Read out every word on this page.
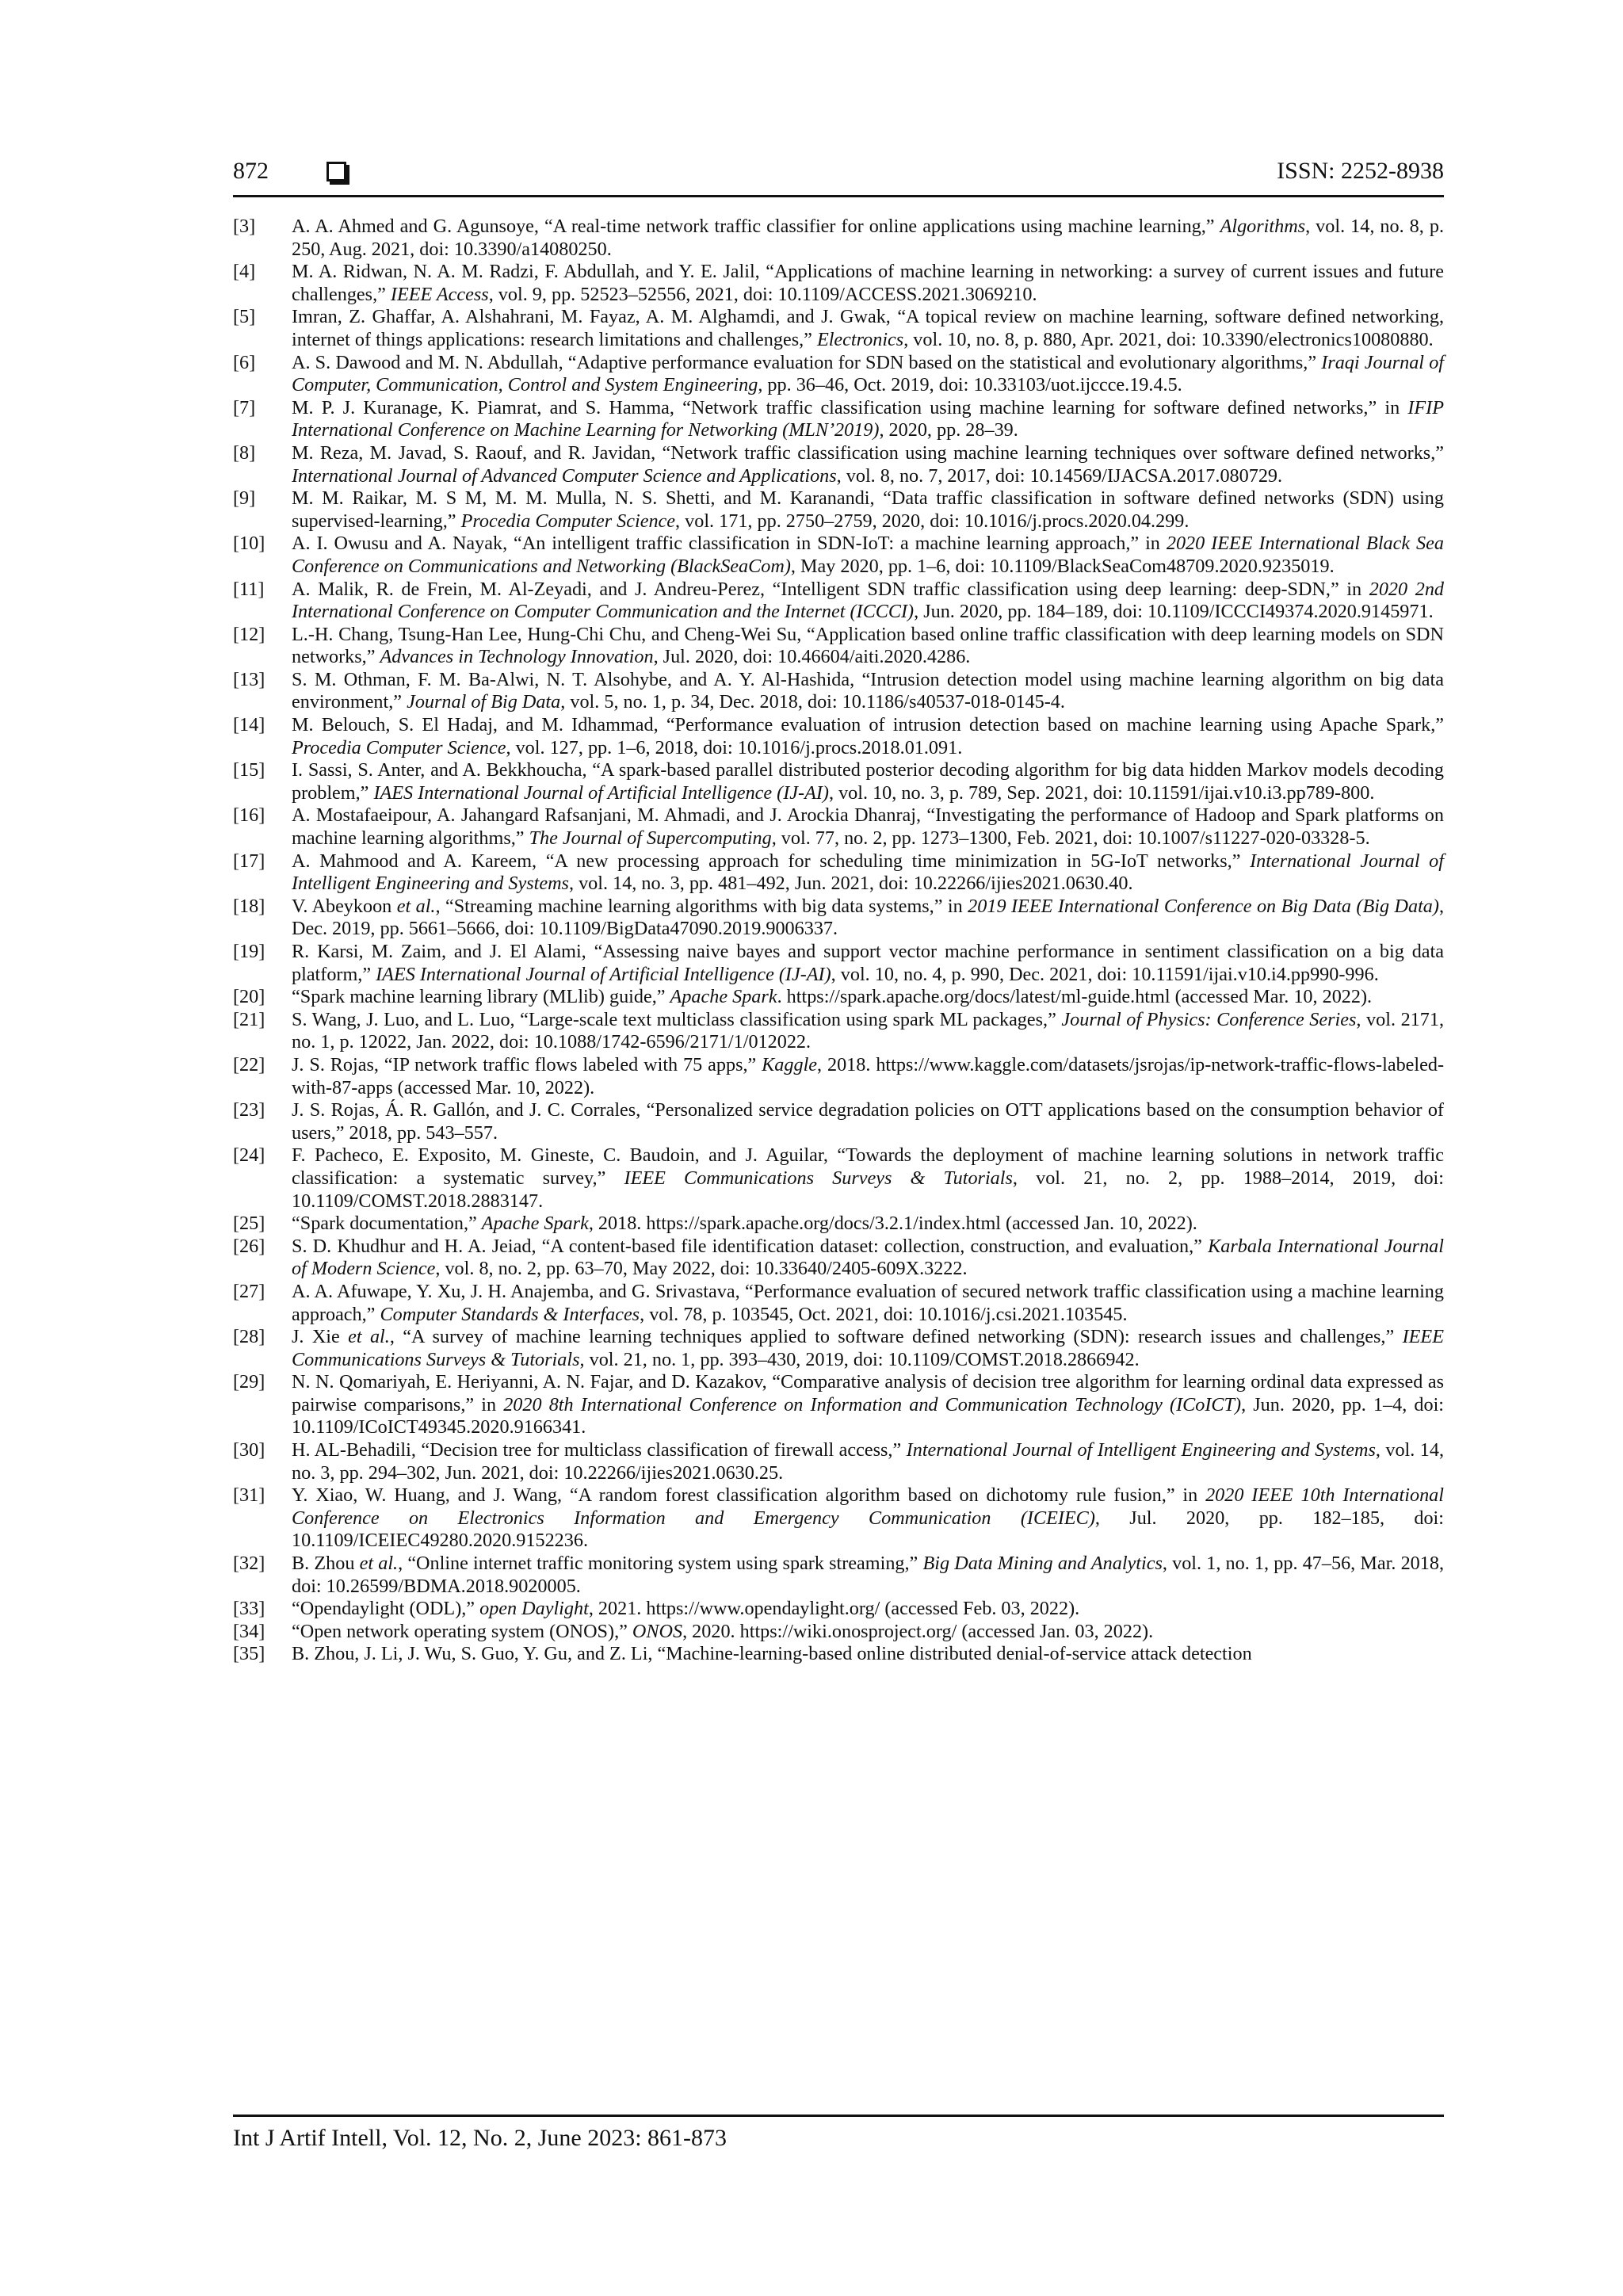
872	ISSN: 2252-8938
[3] A. A. Ahmed and G. Agunsoye, “A real-time network traffic classifier for online applications using machine learning,” Algorithms, vol. 14, no. 8, p. 250, Aug. 2021, doi: 10.3390/a14080250.
[4] M. A. Ridwan, N. A. M. Radzi, F. Abdullah, and Y. E. Jalil, “Applications of machine learning in networking: a survey of current issues and future challenges,” IEEE Access, vol. 9, pp. 52523–52556, 2021, doi: 10.1109/ACCESS.2021.3069210.
[5] Imran, Z. Ghaffar, A. Alshahrani, M. Fayaz, A. M. Alghamdi, and J. Gwak, “A topical review on machine learning, software defined networking, internet of things applications: research limitations and challenges,” Electronics, vol. 10, no. 8, p. 880, Apr. 2021, doi: 10.3390/electronics10080880.
[6] A. S. Dawood and M. N. Abdullah, “Adaptive performance evaluation for SDN based on the statistical and evolutionary algorithms,” Iraqi Journal of Computer, Communication, Control and System Engineering, pp. 36–46, Oct. 2019, doi: 10.33103/uot.ijccce.19.4.5.
[7] M. P. J. Kuranage, K. Piamrat, and S. Hamma, “Network traffic classification using machine learning for software defined networks,” in IFIP International Conference on Machine Learning for Networking (MLN’2019), 2020, pp. 28–39.
[8] M. Reza, M. Javad, S. Raouf, and R. Javidan, “Network traffic classification using machine learning techniques over software defined networks,” International Journal of Advanced Computer Science and Applications, vol. 8, no. 7, 2017, doi: 10.14569/IJACSA.2017.080729.
[9] M. M. Raikar, M. S M, M. M. Mulla, N. S. Shetti, and M. Karanandi, “Data traffic classification in software defined networks (SDN) using supervised-learning,” Procedia Computer Science, vol. 171, pp. 2750–2759, 2020, doi: 10.1016/j.procs.2020.04.299.
[10] A. I. Owusu and A. Nayak, “An intelligent traffic classification in SDN-IoT: a machine learning approach,” in 2020 IEEE International Black Sea Conference on Communications and Networking (BlackSeaCom), May 2020, pp. 1–6, doi: 10.1109/BlackSeaCom48709.2020.9235019.
[11] A. Malik, R. de Frein, M. Al-Zeyadi, and J. Andreu-Perez, “Intelligent SDN traffic classification using deep learning: deep-SDN,” in 2020 2nd International Conference on Computer Communication and the Internet (ICCCI), Jun. 2020, pp. 184–189, doi: 10.1109/ICCCI49374.2020.9145971.
[12] L.-H. Chang, Tsung-Han Lee, Hung-Chi Chu, and Cheng-Wei Su, “Application based online traffic classification with deep learning models on SDN networks,” Advances in Technology Innovation, Jul. 2020, doi: 10.46604/aiti.2020.4286.
[13] S. M. Othman, F. M. Ba-Alwi, N. T. Alsohybe, and A. Y. Al-Hashida, “Intrusion detection model using machine learning algorithm on big data environment,” Journal of Big Data, vol. 5, no. 1, p. 34, Dec. 2018, doi: 10.1186/s40537-018-0145-4.
[14] M. Belouch, S. El Hadaj, and M. Idhammad, “Performance evaluation of intrusion detection based on machine learning using Apache Spark,” Procedia Computer Science, vol. 127, pp. 1–6, 2018, doi: 10.1016/j.procs.2018.01.091.
[15] I. Sassi, S. Anter, and A. Bekkhoucha, “A spark-based parallel distributed posterior decoding algorithm for big data hidden Markov models decoding problem,” IAES International Journal of Artificial Intelligence (IJ-AI), vol. 10, no. 3, p. 789, Sep. 2021, doi: 10.11591/ijai.v10.i3.pp789-800.
[16] A. Mostafaeipour, A. Jahangard Rafsanjani, M. Ahmadi, and J. Arockia Dhanraj, “Investigating the performance of Hadoop and Spark platforms on machine learning algorithms,” The Journal of Supercomputing, vol. 77, no. 2, pp. 1273–1300, Feb. 2021, doi: 10.1007/s11227-020-03328-5.
[17] A. Mahmood and A. Kareem, “A new processing approach for scheduling time minimization in 5G-IoT networks,” International Journal of Intelligent Engineering and Systems, vol. 14, no. 3, pp. 481–492, Jun. 2021, doi: 10.22266/ijies2021.0630.40.
[18] V. Abeykoon et al., “Streaming machine learning algorithms with big data systems,” in 2019 IEEE International Conference on Big Data (Big Data), Dec. 2019, pp. 5661–5666, doi: 10.1109/BigData47090.2019.9006337.
[19] R. Karsi, M. Zaim, and J. El Alami, “Assessing naive bayes and support vector machine performance in sentiment classification on a big data platform,” IAES International Journal of Artificial Intelligence (IJ-AI), vol. 10, no. 4, p. 990, Dec. 2021, doi: 10.11591/ijai.v10.i4.pp990-996.
[20] “Spark machine learning library (MLlib) guide,” Apache Spark. https://spark.apache.org/docs/latest/ml-guide.html (accessed Mar. 10, 2022).
[21] S. Wang, J. Luo, and L. Luo, “Large-scale text multiclass classification using spark ML packages,” Journal of Physics: Conference Series, vol. 2171, no. 1, p. 12022, Jan. 2022, doi: 10.1088/1742-6596/2171/1/012022.
[22] J. S. Rojas, “IP network traffic flows labeled with 75 apps,” Kaggle, 2018. https://www.kaggle.com/datasets/jsrojas/ip-network-traffic-flows-labeled-with-87-apps (accessed Mar. 10, 2022).
[23] J. S. Rojas, Á. R. Gallón, and J. C. Corrales, “Personalized service degradation policies on OTT applications based on the consumption behavior of users,” 2018, pp. 543–557.
[24] F. Pacheco, E. Exposito, M. Gineste, C. Baudoin, and J. Aguilar, “Towards the deployment of machine learning solutions in network traffic classification: a systematic survey,” IEEE Communications Surveys & Tutorials, vol. 21, no. 2, pp. 1988–2014, 2019, doi: 10.1109/COMST.2018.2883147.
[25] “Spark documentation,” Apache Spark, 2018. https://spark.apache.org/docs/3.2.1/index.html (accessed Jan. 10, 2022).
[26] S. D. Khudhur and H. A. Jeiad, “A content-based file identification dataset: collection, construction, and evaluation,” Karbala International Journal of Modern Science, vol. 8, no. 2, pp. 63–70, May 2022, doi: 10.33640/2405-609X.3222.
[27] A. A. Afuwape, Y. Xu, J. H. Anajemba, and G. Srivastava, “Performance evaluation of secured network traffic classification using a machine learning approach,” Computer Standards & Interfaces, vol. 78, p. 103545, Oct. 2021, doi: 10.1016/j.csi.2021.103545.
[28] J. Xie et al., “A survey of machine learning techniques applied to software defined networking (SDN): research issues and challenges,” IEEE Communications Surveys & Tutorials, vol. 21, no. 1, pp. 393–430, 2019, doi: 10.1109/COMST.2018.2866942.
[29] N. N. Qomariyah, E. Heriyanni, A. N. Fajar, and D. Kazakov, “Comparative analysis of decision tree algorithm for learning ordinal data expressed as pairwise comparisons,” in 2020 8th International Conference on Information and Communication Technology (ICoICT), Jun. 2020, pp. 1–4, doi: 10.1109/ICoICT49345.2020.9166341.
[30] H. AL-Behadili, “Decision tree for multiclass classification of firewall access,” International Journal of Intelligent Engineering and Systems, vol. 14, no. 3, pp. 294–302, Jun. 2021, doi: 10.22266/ijies2021.0630.25.
[31] Y. Xiao, W. Huang, and J. Wang, “A random forest classification algorithm based on dichotomy rule fusion,” in 2020 IEEE 10th International Conference on Electronics Information and Emergency Communication (ICEIEC), Jul. 2020, pp. 182–185, doi: 10.1109/ICEIEC49280.2020.9152236.
[32] B. Zhou et al., “Online internet traffic monitoring system using spark streaming,” Big Data Mining and Analytics, vol. 1, no. 1, pp. 47–56, Mar. 2018, doi: 10.26599/BDMA.2018.9020005.
[33] “Opendaylight (ODL),” open Daylight, 2021. https://www.opendaylight.org/ (accessed Feb. 03, 2022).
[34] “Open network operating system (ONOS),” ONOS, 2020. https://wiki.onosproject.org/ (accessed Jan. 03, 2022).
[35] B. Zhou, J. Li, J. Wu, S. Guo, Y. Gu, and Z. Li, “Machine-learning-based online distributed denial-of-service attack detection
Int J Artif Intell, Vol. 12, No. 2, June 2023: 861-873
